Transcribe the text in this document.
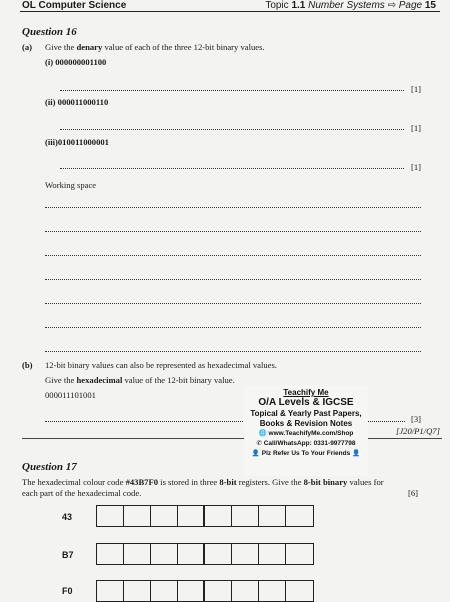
OL Computer Science	Topic 1.1 Number Systems ⇨ Page 15
Question 16
(a) Give the denary value of each of the three 12-bit binary values.
(i) 000000001100
[1]
(ii) 000011000110
[1]
(iii)010011000001
[1]
Working space
(b) 12-bit binary values can also be represented as hexadecimal values.
Give the hexadecimal value of the 12-bit binary value.
000011101001
[3]
[J20/P1/Q7]
Teachify Me
O/A Levels & IGCSE
Topical & Yearly Past Papers,
Books & Revision Notes
🌐 www.TeachifyMe.com/Shop
✆ Call/WhatsApp: 0331-9977798
👤 Plz Refer Us To Your Friends 👤
Question 17
The hexadecimal colour code #43B7F0 is stored in three 8-bit registers. Give the 8-bit binary values for
each part of the hexadecimal code.	[6]
43
B7
F0
